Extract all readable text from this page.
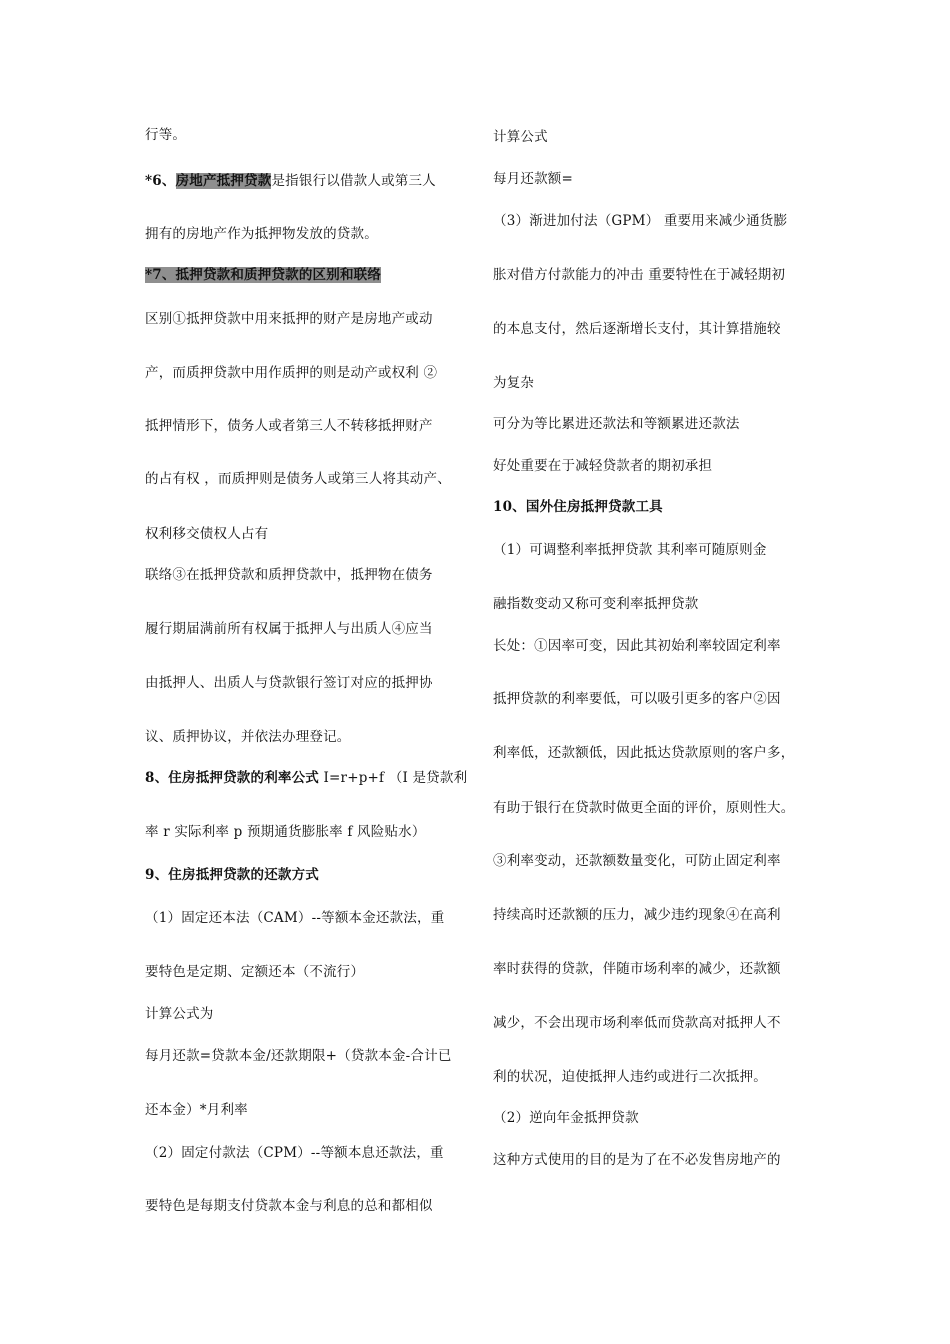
行等。
*6、房地产抵押贷款是指银行以借款人或第三人
拥有的房地产作为抵押物发放的贷款。
*7、抵押贷款和质押贷款的区别和联络
区别①抵押贷款中用来抵押的财产是房地产或动
产，而质押贷款中用作质押的则是动产或权利 ②
抵押情形下，债务人或者第三人不转移抵押财产
的占有权 ，而质押则是债务人或第三人将其动产、
权利移交债权人占有
联络③在抵押贷款和质押贷款中，抵押物在债务
履行期届满前所有权属于抵押人与出质人④应当
由抵押人、出质人与贷款银行签订对应的抵押协
议、质押协议，并依法办理登记。
8、住房抵押贷款的利率公式 I=r+p+f （I 是贷款利
率 r 实际利率 p 预期通货膨胀率 f 风险贴水）
9、住房抵押贷款的还款方式
（1）固定还本法（CAM）--等额本金还款法，重
要特色是定期、定额还本（不流行）
计算公式为
每月还款=贷款本金/还款期限+（贷款本金-合计已
还本金）*月利率
（2）固定付款法（CPM）--等额本息还款法，重
要特色是每期支付贷款本金与利息的总和都相似
计算公式
每月还款额=
（3）渐进加付法（GPM） 重要用来减少通货膨
胀对借方付款能力的冲击 重要特性在于减轻期初
的本息支付，然后逐渐增长支付，其计算措施较
为复杂
可分为等比累进还款法和等额累进还款法
好处重要在于减轻贷款者的期初承担
10、国外住房抵押贷款工具
（1）可调整利率抵押贷款 其利率可随原则金
融指数变动又称可变利率抵押贷款
长处：①因率可变，因此其初始利率较固定利率
抵押贷款的利率要低，可以吸引更多的客户②因
利率低，还款额低，因此抵达贷款原则的客户多，
有助于银行在贷款时做更全面的评价，原则性大。
③利率变动，还款额数量变化，可防止固定利率
持续高时还款额的压力，减少违约现象④在高利
率时获得的贷款，伴随市场利率的减少，还款额
减少，不会出现市场利率低而贷款高对抵押人不
利的状况，迫使抵押人违约或进行二次抵押。
（2）逆向年金抵押贷款
这种方式使用的目的是为了在不必发售房地产的
